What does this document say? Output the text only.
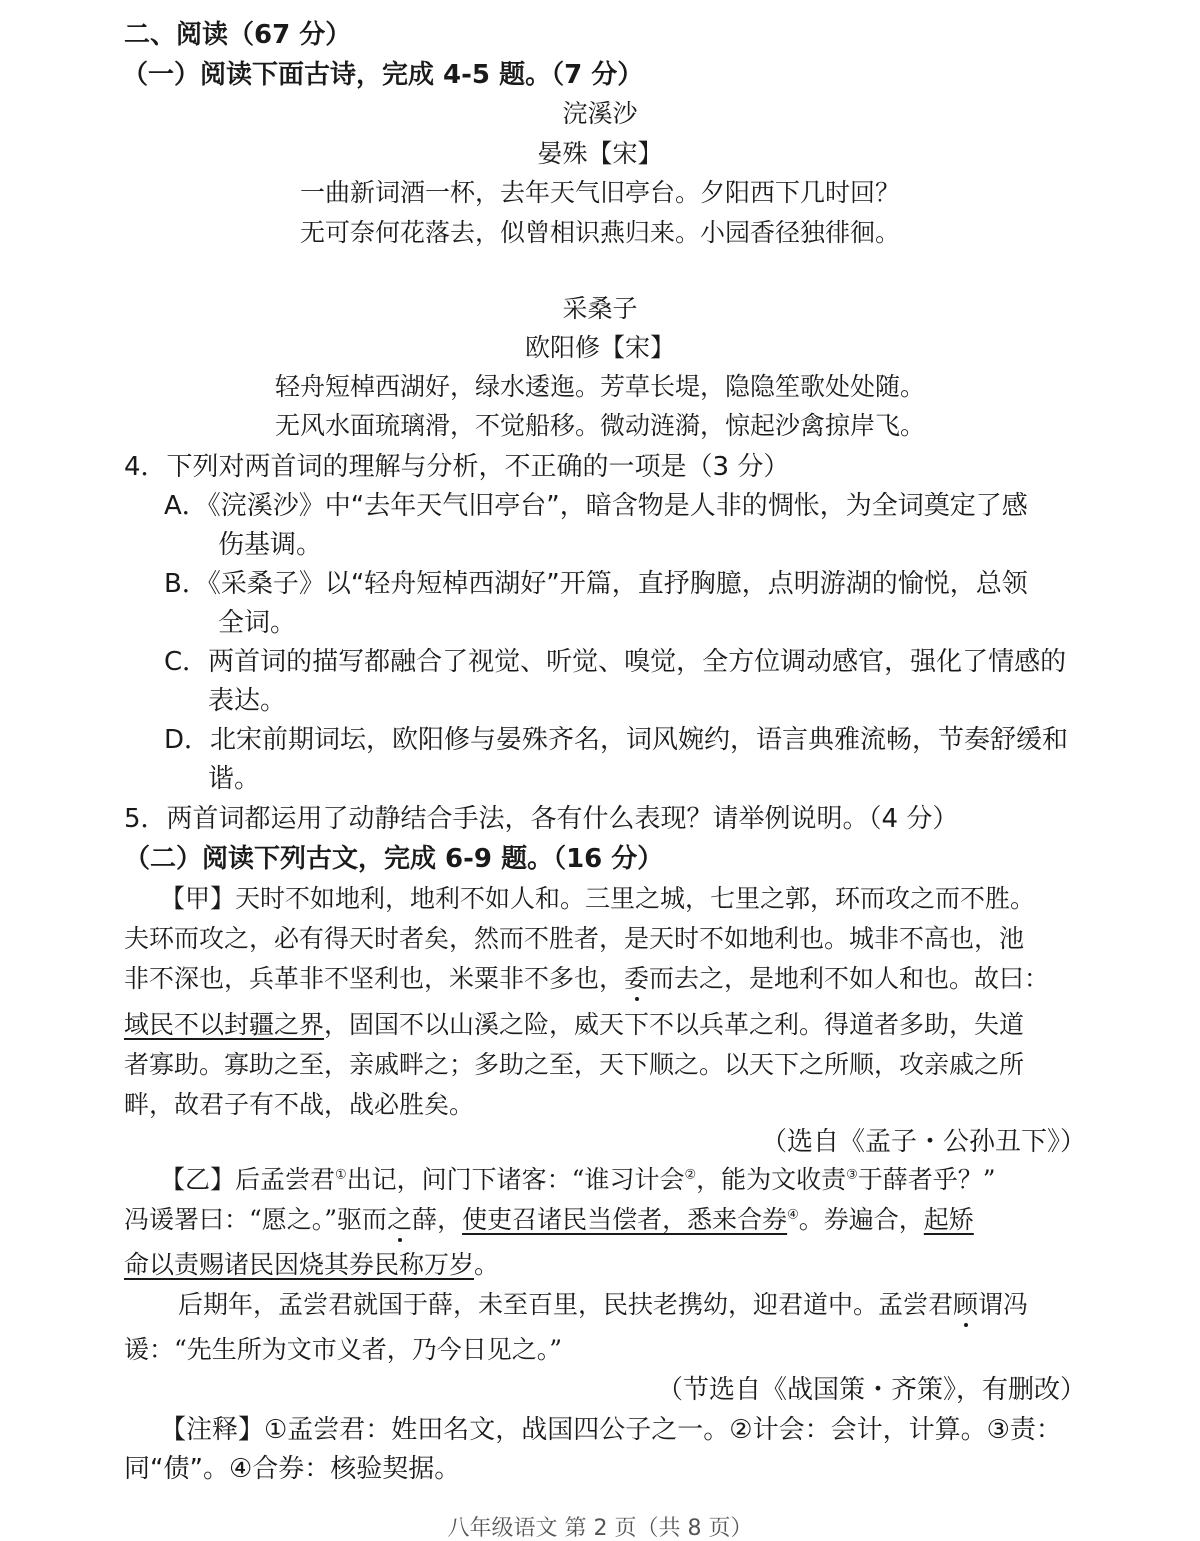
二、阅读（67 分）
（一）阅读下面古诗，完成 4-5 题。（7 分）
浣溪沙
晏殊【宋】
一曲新词酒一杯，去年天气旧亭台。夕阳西下几时回？
无可奈何花落去，似曾相识燕归来。小园香径独徘徊。
采桑子
欧阳修【宋】
轻舟短棹西湖好，绿水逶迤。芳草长堤，隐隐笙歌处处随。
无风水面琉璃滑，不觉船移。微动涟漪，惊起沙禽掠岸飞。
4．下列对两首词的理解与分析，不正确的一项是（3 分）
A．《浣溪沙》中“去年天气旧亭台”，暗含物是人非的惆怅，为全词奠定了感
伤基调。
B．《采桑子》以“轻舟短棹西湖好”开篇，直抒胸臆，点明游湖的愉悦，总领
全词。
C．两首词的描写都融合了视觉、听觉、嗅觉，全方位调动感官，强化了情感的
表达。
D．北宋前期词坛，欧阳修与晏殊齐名，词风婉约，语言典雅流畅，节奏舒缓和
谐。
5．两首词都运用了动静结合手法，各有什么表现？请举例说明。（4 分）
（二）阅读下列古文，完成 6-9 题。（16 分）
【甲】天时不如地利，地利不如人和。三里之城，七里之郭，环而攻之而不胜。
夫环而攻之，必有得天时者矣，然而不胜者，是天时不如地利也。城非不高也，池
非不深也，兵革非不坚利也，米粟非不多也，委而去之，是地利不如人和也。故曰：
域民不以封疆之界，固国不以山溪之险，威天下不以兵革之利。得道者多助，失道
者寡助。寡助之至，亲戚畔之；多助之至，天下顺之。以天下之所顺，攻亲戚之所
畔，故君子有不战，战必胜矣。
（选自《孟子・公孙丑下》）
【乙】后孟尝君①出记，问门下诸客：“谁习计会②，能为文收责③于薛者乎？”
冯谖署曰：“愿之。”驱而之薛，使吏召诸民当偿者，悉来合券④。券遍合，起矫
命以责赐诸民因烧其券民称万岁。
后期年，孟尝君就国于薛，未至百里，民扶老携幼，迎君道中。孟尝君顾谓冯
谖：“先生所为文市义者，乃今日见之。”
（节选自《战国策・齐策》，有删改）
【注释】①孟尝君：姓田名文，战国四公子之一。②计会：会计，计算。③责：
同“债”。④合券：核验契据。
八年级语文 第 2 页（共 8 页）
